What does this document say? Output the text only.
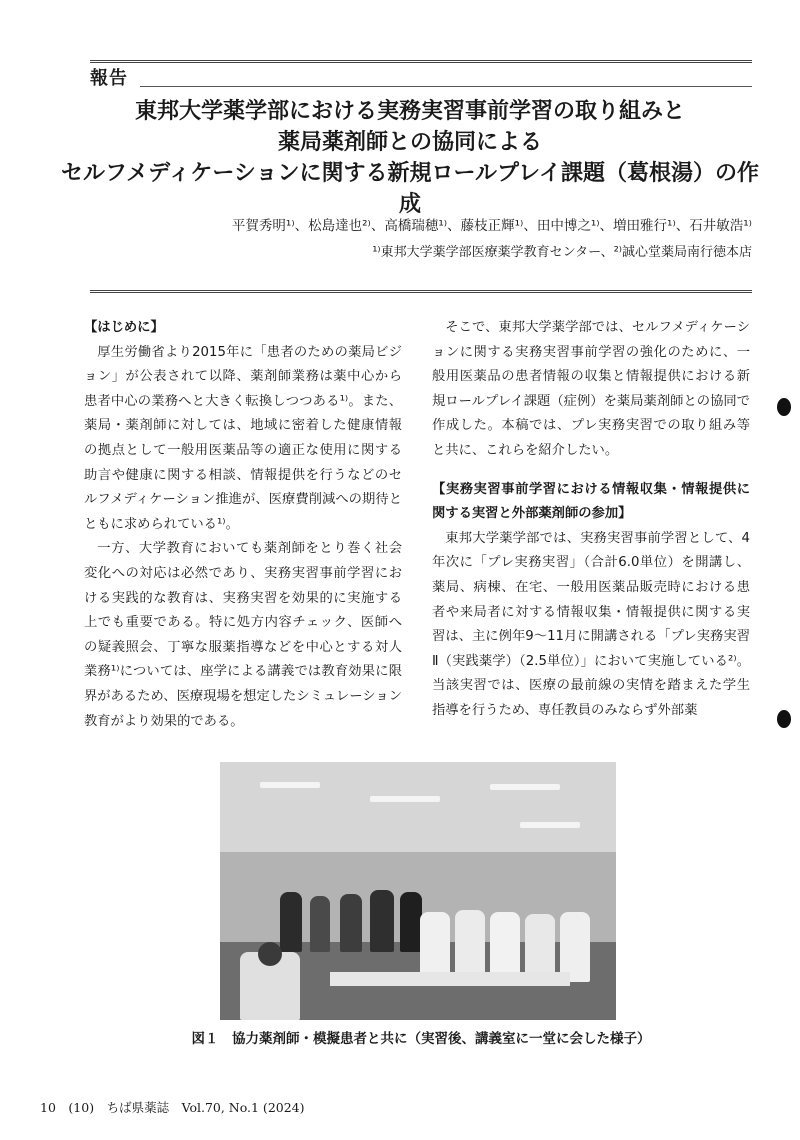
報告
東邦大学薬学部における実務実習事前学習の取り組みと
薬局薬剤師との協同による
セルフメディケーションに関する新規ロールプレイ課題（葛根湯）の作成
平賀秀明¹⁾、松島達也²⁾、高橋瑞穂¹⁾、藤枝正輝¹⁾、田中博之¹⁾、増田雅行¹⁾、石井敏浩¹⁾
¹⁾東邦大学薬学部医療薬学教育センター、²⁾誠心堂薬局南行徳本店
【はじめに】

厚生労働省より2015年に「患者のための薬局ビジョン」が公表されて以降、薬剤師業務は薬中心から患者中心の業務へと大きく転換しつつある¹⁾。また、薬局・薬剤師に対しては、地域に密着した健康情報の拠点として一般用医薬品等の適正な使用に関する助言や健康に関する相談、情報提供を行うなどのセルフメディケーション推進が、医療費削減への期待とともに求められている¹⁾。

一方、大学教育においても薬剤師をとり巻く社会変化への対応は必然であり、実務実習事前学習における実践的な教育は、実務実習を効果的に実施する上でも重要である。特に処方内容チェック、医師への疑義照会、丁寧な服薬指導などを中心とする対人業務¹⁾については、座学による講義では教育効果に限界があるため、医療現場を想定したシミュレーション教育がより効果的である。

そこで、東邦大学薬学部では、セルフメディケーションに関する実務実習事前学習の強化のために、一般用医薬品の患者情報の収集と情報提供における新規ロールプレイ課題（症例）を薬局薬剤師との協同で作成した。本稿では、プレ実務実習での取り組み等と共に、これらを紹介したい。

【実務実習事前学習における情報収集・情報提供に関する実習と外部薬剤師の参加】

東邦大学薬学部では、実務実習事前学習として、4年次に「プレ実務実習」（合計6.0単位）を開講し、薬局、病棟、在宅、一般用医薬品販売時における患者や来局者に対する情報収集・情報提供に関する実習は、主に例年9～11月に開講される「プレ実務実習Ⅱ（実践薬学）（2.5単位）」において実施している²⁾。当該実習では、医療の最前線の実情を踏まえた学生指導を行うため、専任教員のみならず外部薬

図１　協力薬剤師・模擬患者と共に（実習後、講義室に一堂に会した様子）
10　(10)　ちば県薬誌　Vol.70, No.1 (2024)
